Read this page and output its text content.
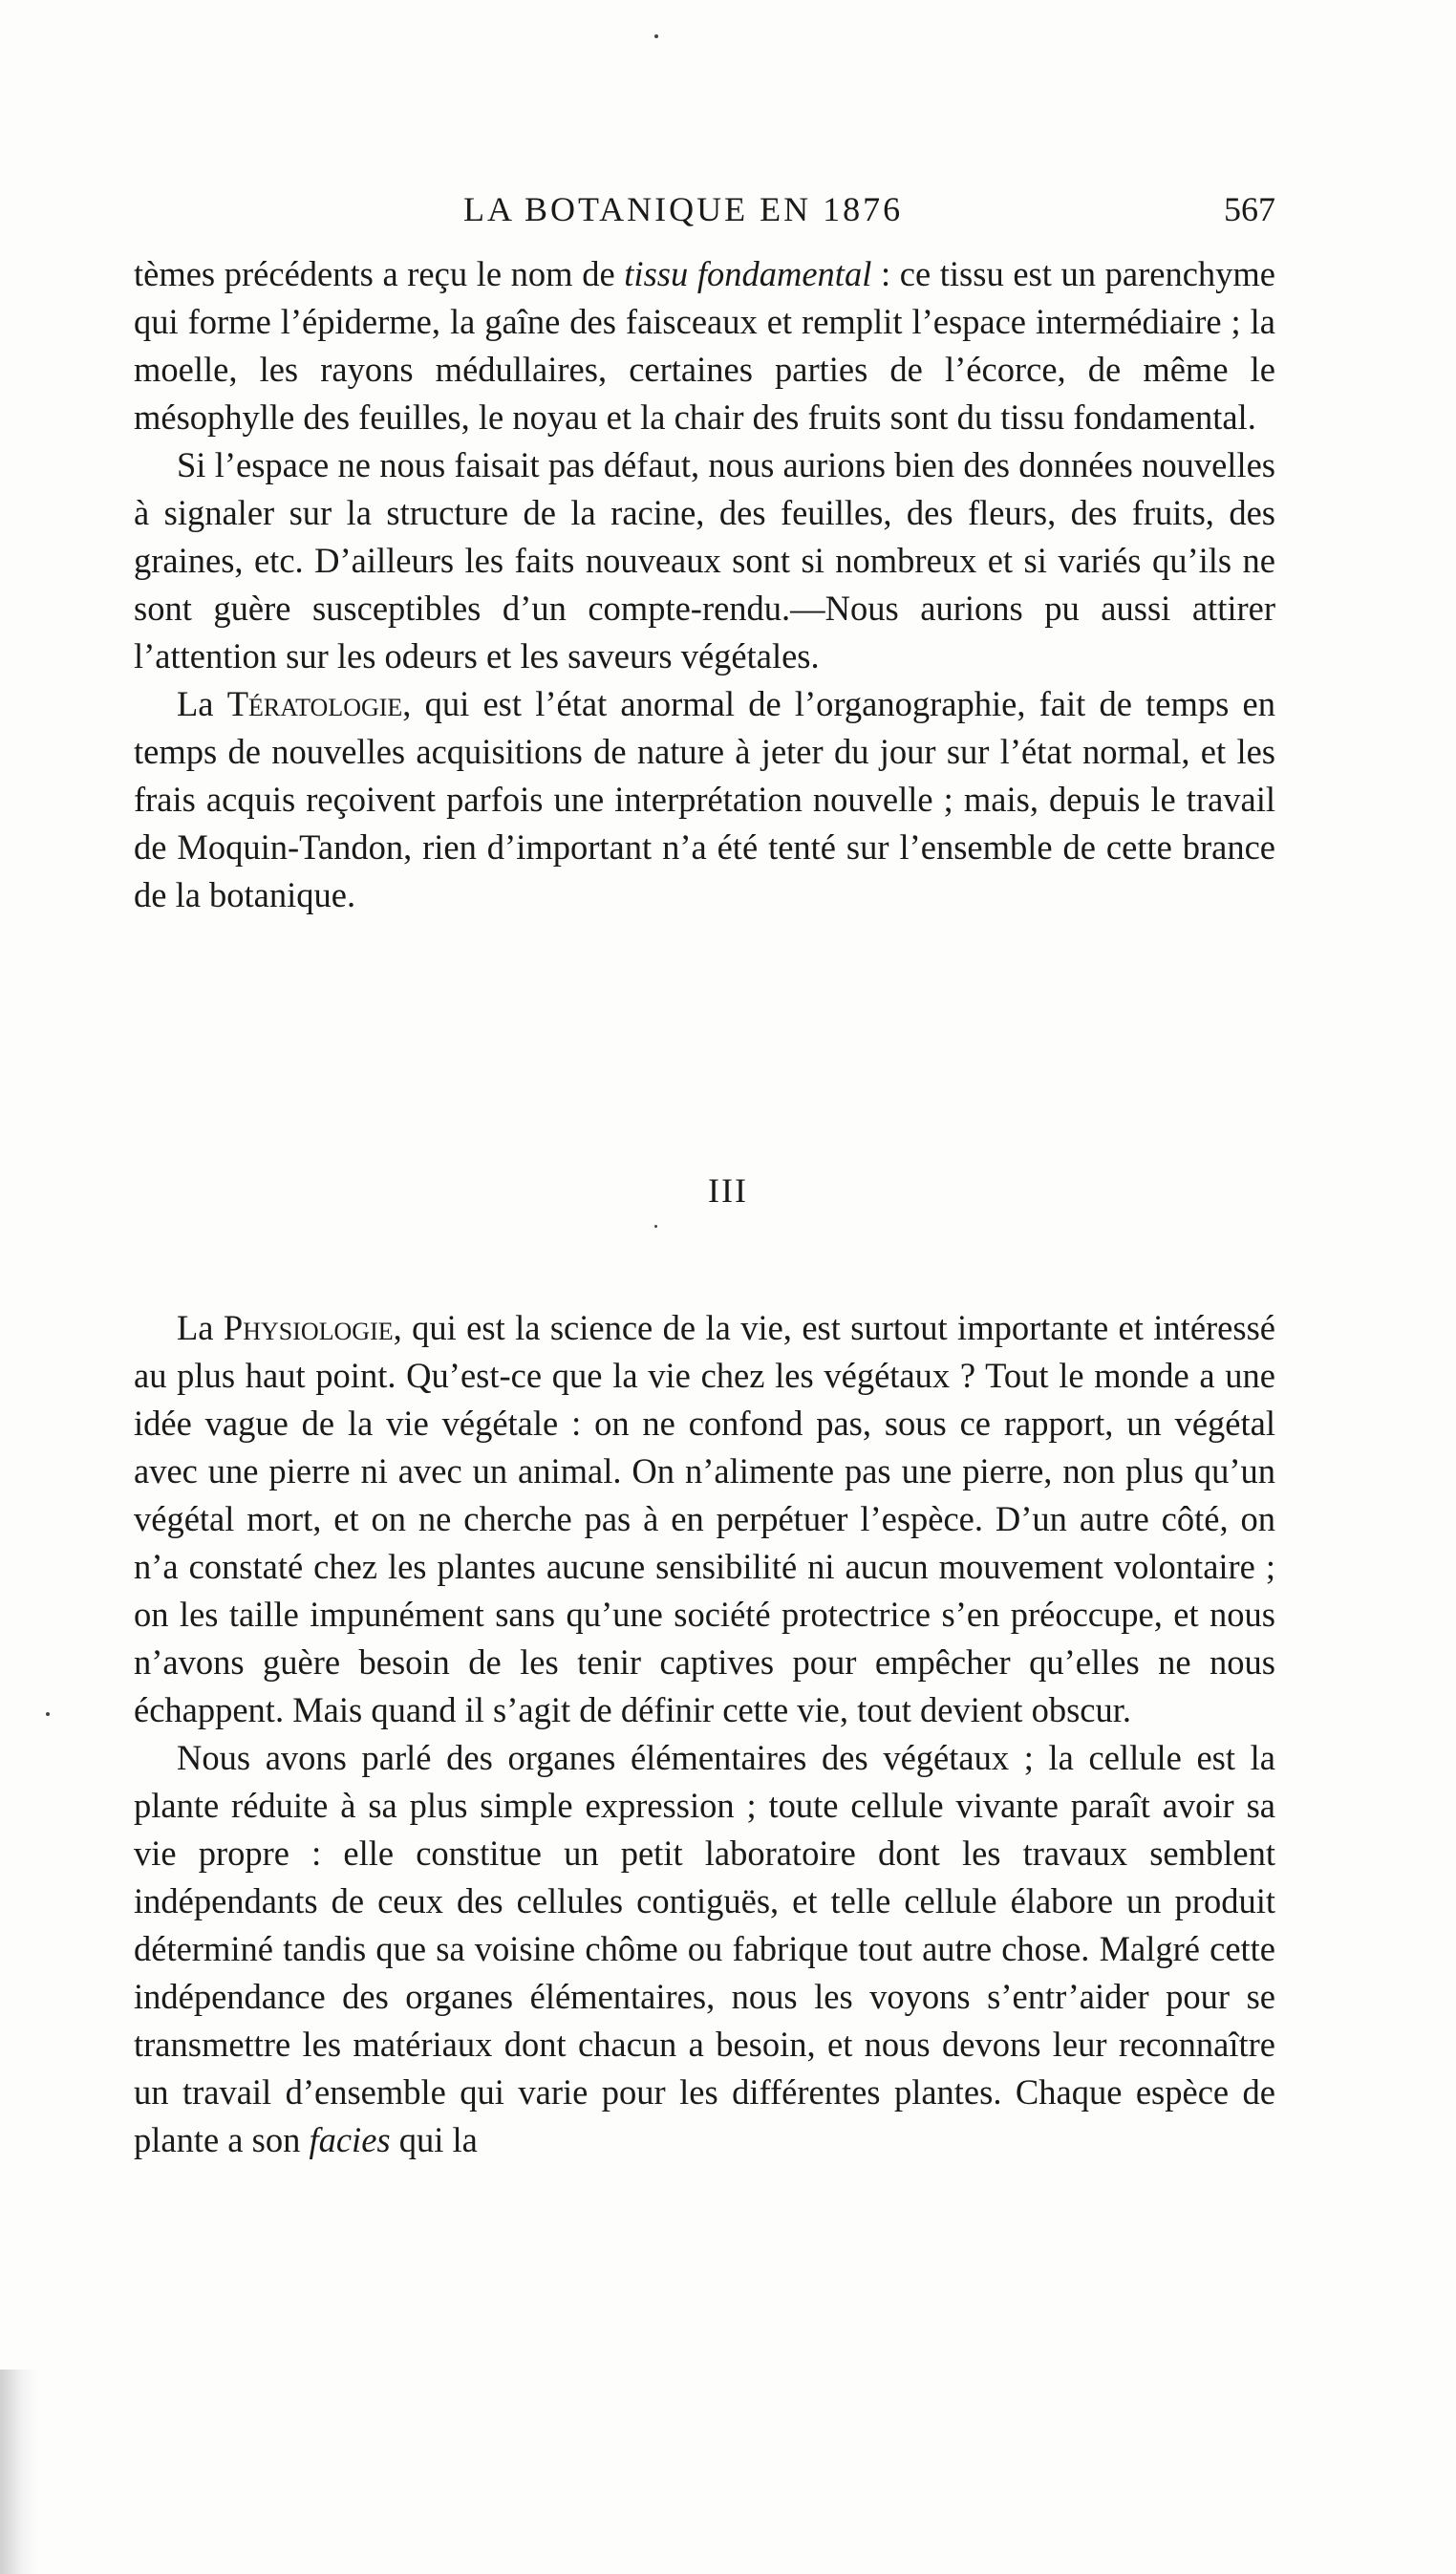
LA BOTANIQUE EN 1876	567

tèmes précédents a reçu le nom de tissu fondamental : ce tissu est un parenchyme qui forme l’épiderme, la gaîne des faisceaux et remplit l’espace intermédiaire ; la moelle, les rayons médullaires, certaines parties de l’écorce, de même le mésophylle des feuilles, le noyau et la chair des fruits sont du tissu fondamental.

Si l’espace ne nous faisait pas défaut, nous aurions bien des données nouvelles à signaler sur la structure de la racine, des feuilles, des fleurs, des fruits, des graines, etc. D’ailleurs les faits nouveaux sont si nombreux et si variés qu’ils ne sont guère susceptibles d’un compte-rendu.—Nous aurions pu aussi attirer l’attention sur les odeurs et les saveurs végétales.

La Tératologie, qui est l’état anormal de l’organographie, fait de temps en temps de nouvelles acquisitions de nature à jeter du jour sur l’état normal, et les frais acquis reçoivent parfois une interprétation nouvelle ; mais, depuis le travail de Moquin-Tandon, rien d’important n’a été tenté sur l’ensemble de cette brance de la botanique.

III

La Physiologie, qui est la science de la vie, est surtout importante et intéressé au plus haut point. Qu’est-ce que la vie chez les végétaux ? Tout le monde a une idée vague de la vie végétale : on ne confond pas, sous ce rapport, un végétal avec une pierre ni avec un animal. On n’alimente pas une pierre, non plus qu’un végétal mort, et on ne cherche pas à en perpétuer l’espèce. D’un autre côté, on n’a constaté chez les plantes aucune sensibilité ni aucun mouvement volontaire ; on les taille impunément sans qu’une société protectrice s’en préoccupe, et nous n’avons guère besoin de les tenir captives pour empêcher qu’elles ne nous échappent. Mais quand il s’agit de définir cette vie, tout devient obscur.

Nous avons parlé des organes élémentaires des végétaux ; la cellule est la plante réduite à sa plus simple expression ; toute cellule vivante paraît avoir sa vie propre : elle constitue un petit laboratoire dont les travaux semblent indépendants de ceux des cellules contiguës, et telle cellule élabore un produit déterminé tandis que sa voisine chôme ou fabrique tout autre chose. Malgré cette indépendance des organes élémentaires, nous les voyons s’entr’aider pour se transmettre les matériaux dont chacun a besoin, et nous devons leur reconnaître un travail d’ensemble qui varie pour les différentes plantes. Chaque espèce de plante a son facies qui la
